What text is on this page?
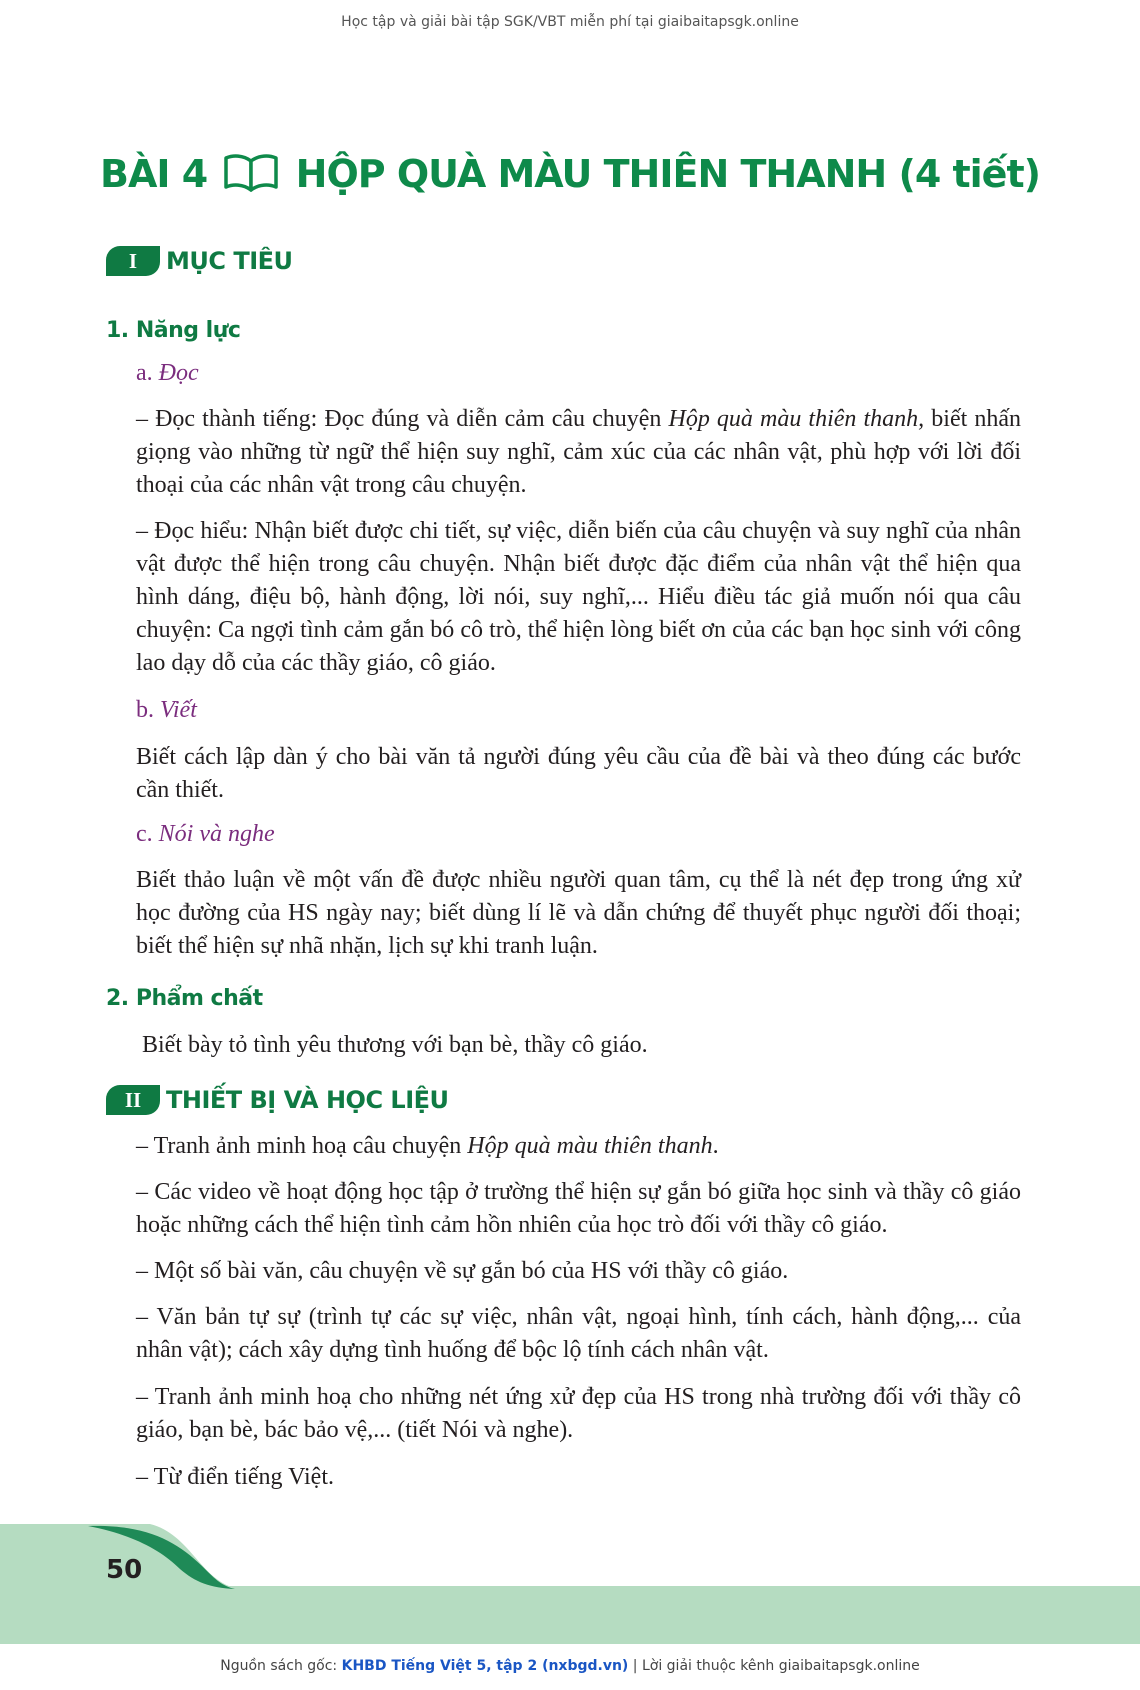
Học tập và giải bài tập SGK/VBT miễn phí tại giaibaitapsgk.online
BÀI 4 HỘP QUÀ MÀU THIÊN THANH (4 tiết)
I	MỤC TIÊU
1. Năng lực
a. Đọc

– Đọc thành tiếng: Đọc đúng và diễn cảm câu chuyện Hộp quà màu thiên thanh, biết nhấn giọng vào những từ ngữ thể hiện suy nghĩ, cảm xúc của các nhân vật, phù hợp với lời đối thoại của các nhân vật trong câu chuyện.

– Đọc hiểu: Nhận biết được chi tiết, sự việc, diễn biến của câu chuyện và suy nghĩ của nhân vật được thể hiện trong câu chuyện. Nhận biết được đặc điểm của nhân vật thể hiện qua hình dáng, điệu bộ, hành động, lời nói, suy nghĩ,... Hiểu điều tác giả muốn nói qua câu chuyện: Ca ngợi tình cảm gắn bó cô trò, thể hiện lòng biết ơn của các bạn học sinh với công lao dạy dỗ của các thầy giáo, cô giáo.

b. Viết

Biết cách lập dàn ý cho bài văn tả người đúng yêu cầu của đề bài và theo đúng các bước cần thiết.

c. Nói và nghe

Biết thảo luận về một vấn đề được nhiều người quan tâm, cụ thể là nét đẹp trong ứng xử học đường của HS ngày nay; biết dùng lí lẽ và dẫn chứng để thuyết phục người đối thoại; biết thể hiện sự nhã nhặn, lịch sự khi tranh luận.

2. Phẩm chất

Biết bày tỏ tình yêu thương với bạn bè, thầy cô giáo.

II	THIẾT BỊ VÀ HỌC LIỆU

– Tranh ảnh minh hoạ câu chuyện Hộp quà màu thiên thanh.

– Các video về hoạt động học tập ở trường thể hiện sự gắn bó giữa học sinh và thầy cô giáo hoặc những cách thể hiện tình cảm hồn nhiên của học trò đối với thầy cô giáo.

– Một số bài văn, câu chuyện về sự gắn bó của HS với thầy cô giáo.

– Văn bản tự sự (trình tự các sự việc, nhân vật, ngoại hình, tính cách, hành động,... của nhân vật); cách xây dựng tình huống để bộc lộ tính cách nhân vật.

– Tranh ảnh minh hoạ cho những nét ứng xử đẹp của HS trong nhà trường đối với thầy cô giáo, bạn bè, bác bảo vệ,... (tiết Nói và nghe).

– Từ điển tiếng Việt.

50
Nguồn sách gốc: KHBD Tiếng Việt 5, tập 2 (nxbgd.vn) | Lời giải thuộc kênh giaibaitapsgk.online
